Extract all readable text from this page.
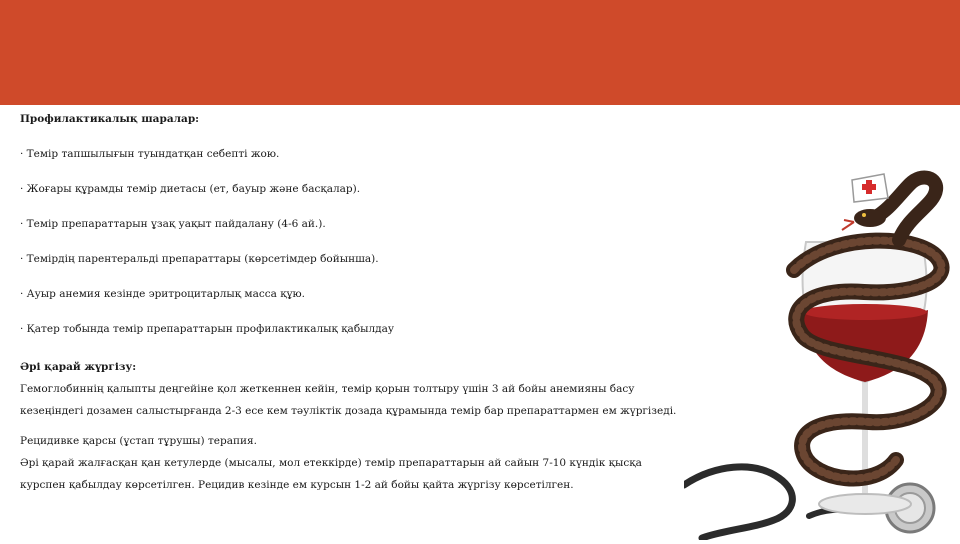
Профилактикалық шаралар:

· Темір тапшылығын туындатқан себепті жою.

· Жоғары құрамды темір диетасы (ет, бауыр және басқалар).

· Темір препараттарын ұзақ уақыт пайдалану (4-6 ай.).

· Темірдің парентеральді препараттары (көрсетімдер бойынша).

· Ауыр анемия кезінде эритроцитарлық масса құю.

· Қатер тобында темір препараттарын профилактикалық қабылдау

Әрі қарай жүргізу:

Гемоглобиннің қалыпты деңгейіне қол жеткеннен кейін, темір қорын толтыру үшін 3 ай бойы анемияны басу

кезеңіндегі дозамен салыстырғанда 2-3 есе кем тәуліктік дозада құрамында темір бар препараттармен ем жүргізеді.

Рецидивке қарсы (ұстап тұрушы) терапия.

Әрі қарай жалғасқан қан кетулерде (мысалы, мол етеккірде) темір препараттарын ай сайын 7-10 күндік қысқа

курспен қабылдау көрсетілген. Рецидив кезінде ем курсын 1-2 ай бойы қайта жүргізу көрсетілген.
